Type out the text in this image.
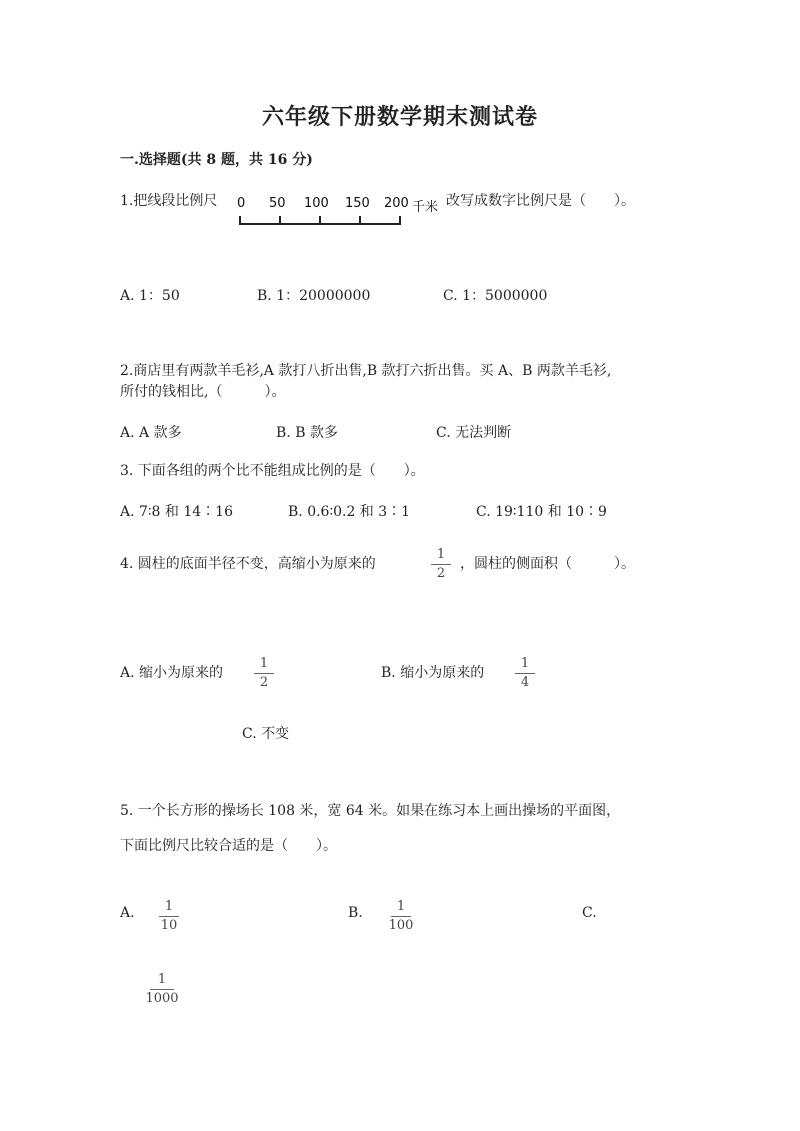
六年级下册数学期末测试卷
一.选择题(共 8 题，共 16 分)
1.把线段比例尺 0 50 100 150 200 千米 改写成数字比例尺是（　　）。
A. 1：50	B. 1：20000000	C. 1：5000000
2.商店里有两款羊毛衫,A 款打八折出售,B 款打六折出售。买 A、B 两款羊毛衫,
所付的钱相比,（　　　）。
A. A 款多	B. B 款多	C. 无法判断
3. 下面各组的两个比不能组成比例的是（　　）。
A. 7∶8 和 14∶16	B. 0.6∶0.2 和 3∶1	C. 19∶110 和 10∶9
4. 圆柱的底面半径不变，高缩小为原来的
1
2
，圆柱的侧面积（　　　）。
A. 缩小为原来的
1
2
B. 缩小为原来的
1
4
C. 不变
5. 一个长方形的操场长 108 米，宽 64 米。如果在练习本上画出操场的平面图，
下面比例尺比较合适的是（　　）。
A.	1
10
B.	1
100
C.
1
1000
